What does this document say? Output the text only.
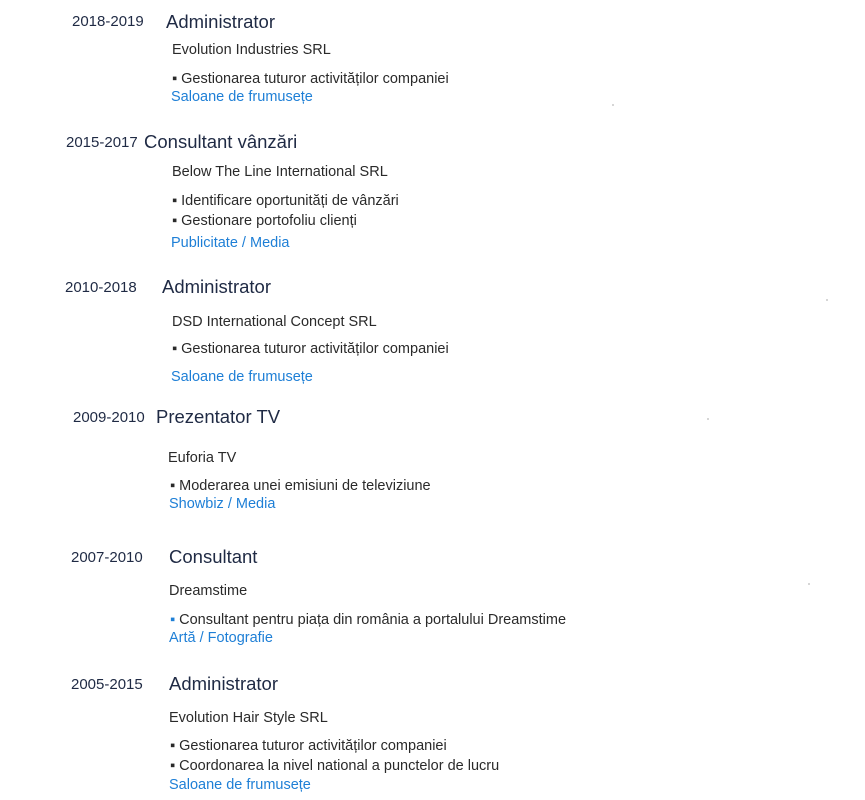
2018-2019 Administrator
Evolution Industries SRL
▪ Gestionarea tuturor activităților companiei
Saloane de frumusețe
2015-2017 Consultant vânzări
Below The Line International SRL
▪ Identificare oportunități de vânzări
▪ Gestionare portofoliu clienți
Publicitate / Media
2010-2018 Administrator
DSD International Concept SRL
▪ Gestionarea tuturor activităților companiei
Saloane de frumusețe
2009-2010 Prezentator TV
Euforia TV
▪ Moderarea unei emisiuni de televiziune
Showbiz / Media
2007-2010 Consultant
Dreamstime
▪ Consultant pentru piața din românia a portalului Dreamstime
Artă / Fotografie
2005-2015 Administrator
Evolution Hair Style SRL
▪ Gestionarea tuturor activităților companiei
▪ Coordonarea la nivel national a punctelor de lucru
Saloane de frumusețe
